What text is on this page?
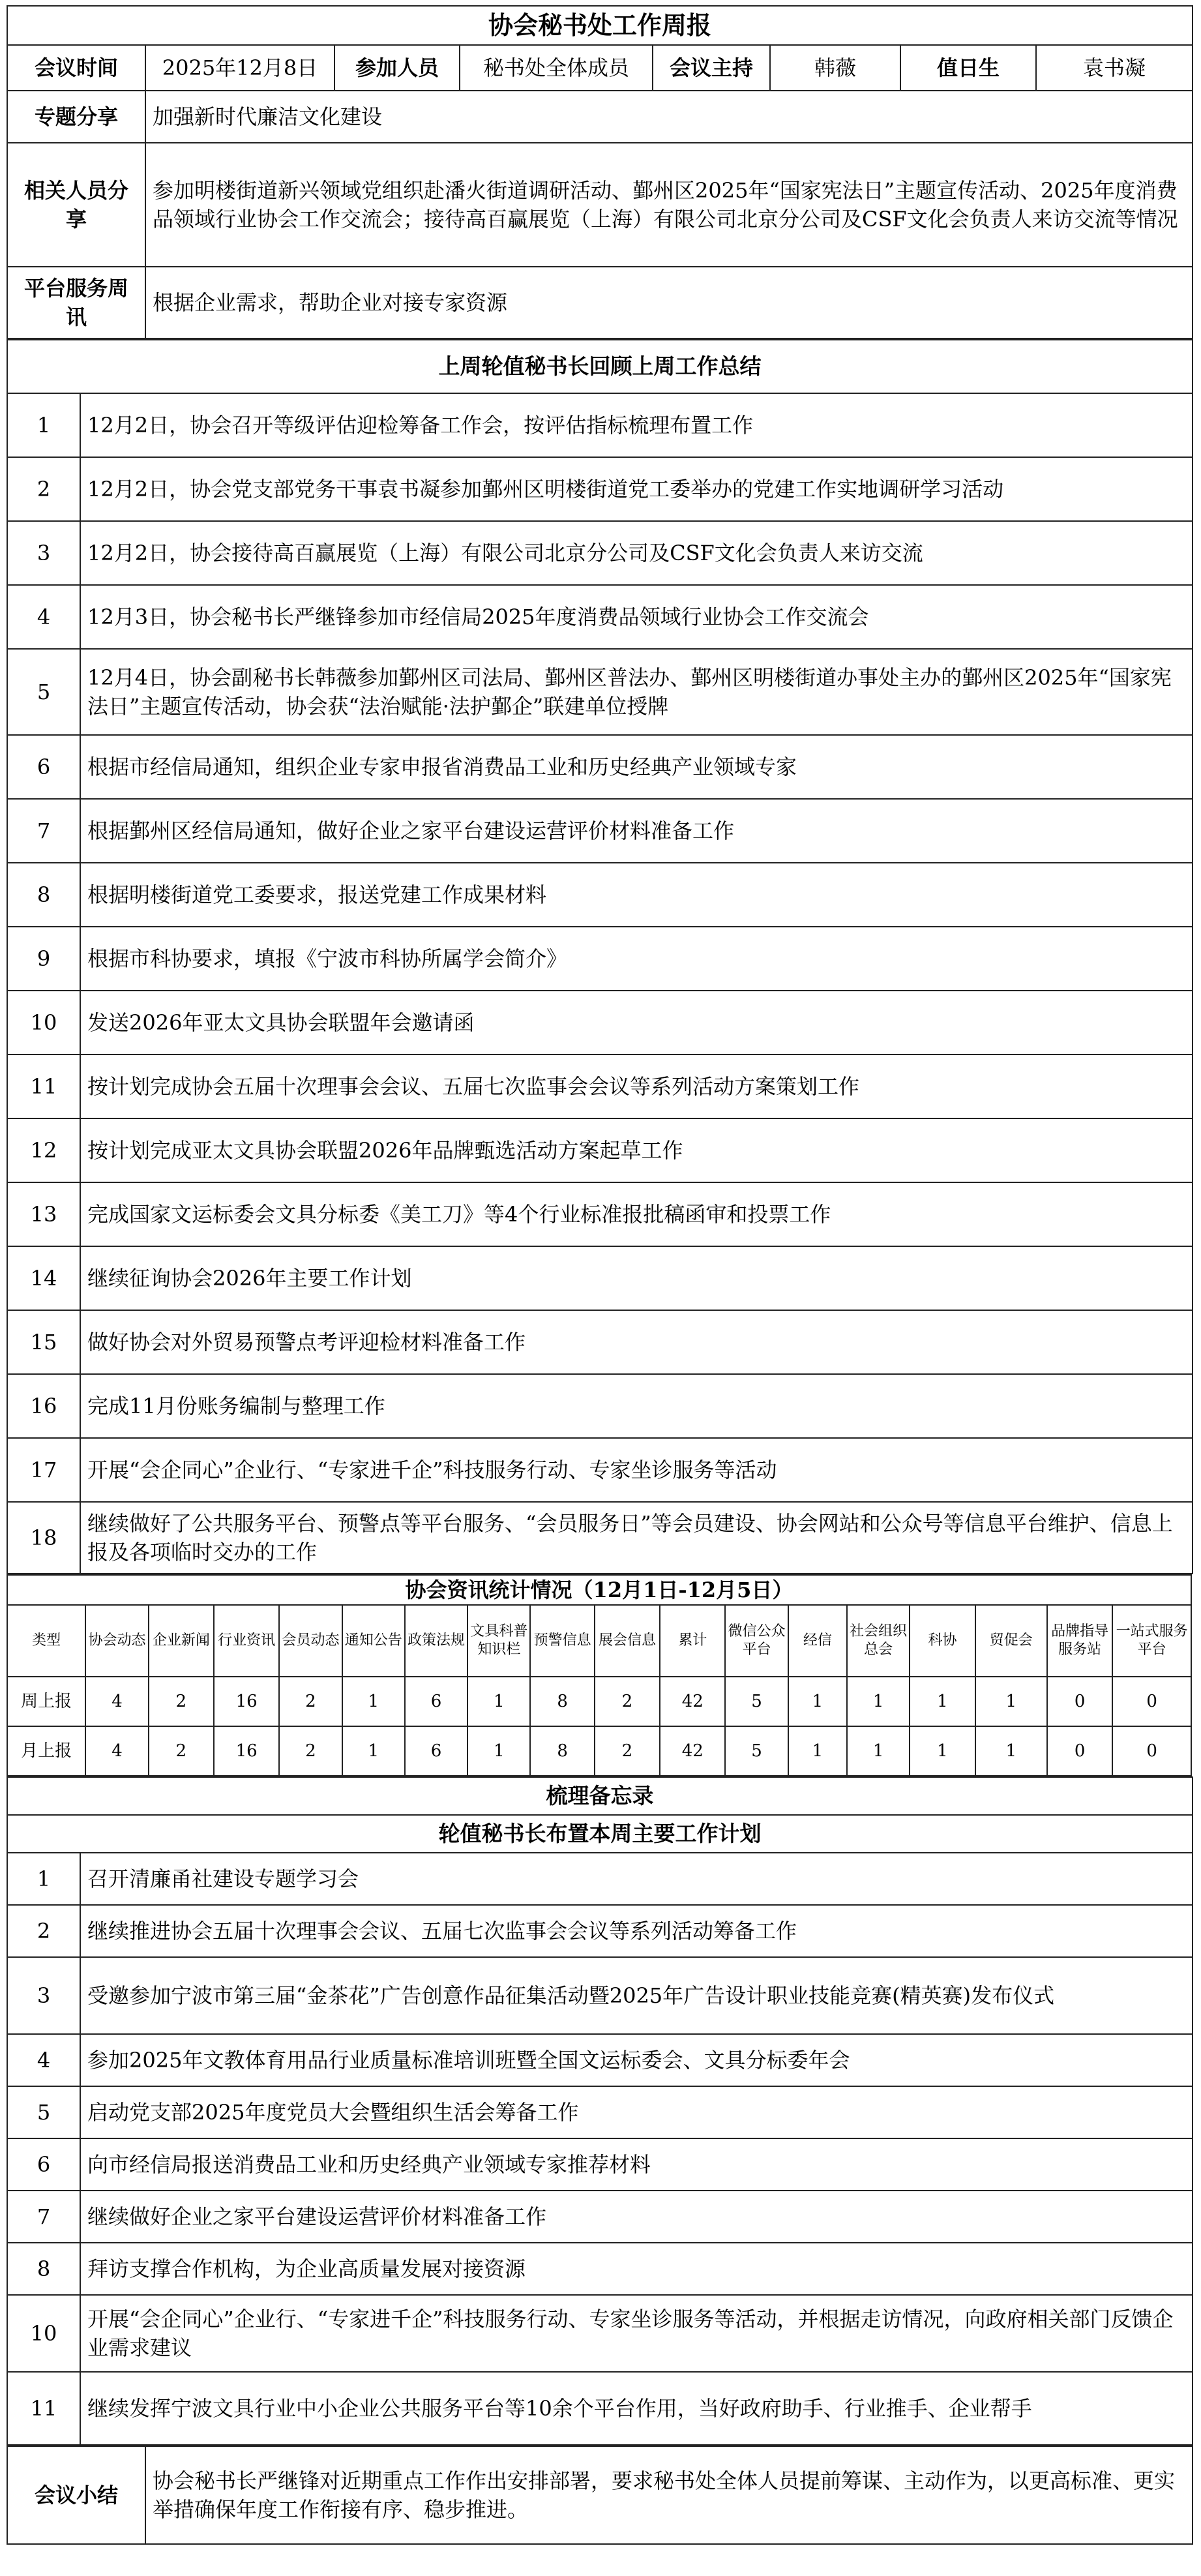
协会秘书处工作周报							
会议时间	2025年12月8日	参加人员	秘书处全体成员	会议主持	韩薇	值日生	袁书凝
专题分享	加强新时代廉洁文化建设						
相关人员分享	参加明楼街道新兴领域党组织赴潘火街道调研活动、鄞州区2025年“国家宪法日”主题宣传活动、2025年度消费品领域行业协会工作交流会；接待高百赢展览（上海）有限公司北京分公司及CSF文化会负责人来访交流等情况						
平台服务周讯	根据企业需求，帮助企业对接专家资源						
上周轮值秘书长回顾上周工作总结	
1	12月2日，协会召开等级评估迎检筹备工作会，按评估指标梳理布置工作
2	12月2日，协会党支部党务干事袁书凝参加鄞州区明楼街道党工委举办的党建工作实地调研学习活动
3	12月2日，协会接待高百赢展览（上海）有限公司北京分公司及CSF文化会负责人来访交流
4	12月3日，协会秘书长严继锋参加市经信局2025年度消费品领域行业协会工作交流会
5	12月4日，协会副秘书长韩薇参加鄞州区司法局、鄞州区普法办、鄞州区明楼街道办事处主办的鄞州区2025年“国家宪法日”主题宣传活动，协会获“法治赋能·法护鄞企”联建单位授牌
6	根据市经信局通知，组织企业专家申报省消费品工业和历史经典产业领域专家
7	根据鄞州区经信局通知，做好企业之家平台建设运营评价材料准备工作
8	根据明楼街道党工委要求，报送党建工作成果材料
9	根据市科协要求，填报《宁波市科协所属学会简介》
10	发送2026年亚太文具协会联盟年会邀请函
11	按计划完成协会五届十次理事会会议、五届七次监事会会议等系列活动方案策划工作
12	按计划完成亚太文具协会联盟2026年品牌甄选活动方案起草工作
13	完成国家文运标委会文具分标委《美工刀》等4个行业标准报批稿函审和投票工作
14	继续征询协会2026年主要工作计划
15	做好协会对外贸易预警点考评迎检材料准备工作
16	完成11月份账务编制与整理工作
17	开展“会企同心”企业行、“专家进千企”科技服务行动、专家坐诊服务等活动
18	继续做好了公共服务平台、预警点等平台服务、“会员服务日”等会员建设、协会网站和公众号等信息平台维护、信息上报及各项临时交办的工作
协会资讯统计情况（12月1日-12月5日）																	
类型	协会动态	企业新闻	行业资讯	会员动态	通知公告	政策法规	文具科普知识栏	预警信息	展会信息	累计	微信公众平台	经信	社会组织总会	科协	贸促会	品牌指导服务站	一站式服务平台
周上报	4	2	16	2	1	6	1	8	2	42	5	1	1	1	1	0	0
月上报	4	2	16	2	1	6	1	8	2	42	5	1	1	1	1	0	0
梳理备忘录	
轮值秘书长布置本周主要工作计划	
1	召开清廉甬社建设专题学习会
2	继续推进协会五届十次理事会会议、五届七次监事会会议等系列活动筹备工作
3	受邀参加宁波市第三届“金茶花”广告创意作品征集活动暨2025年广告设计职业技能竞赛(精英赛)发布仪式
4	参加2025年文教体育用品行业质量标准培训班暨全国文运标委会、文具分标委年会
5	启动党支部2025年度党员大会暨组织生活会筹备工作
6	向市经信局报送消费品工业和历史经典产业领域专家推荐材料
7	继续做好企业之家平台建设运营评价材料准备工作
8	拜访支撑合作机构，为企业高质量发展对接资源
10	开展“会企同心”企业行、“专家进千企”科技服务行动、专家坐诊服务等活动，并根据走访情况，向政府相关部门反馈企业需求建议
11	继续发挥宁波文具行业中小企业公共服务平台等10余个平台作用，当好政府助手、行业推手、企业帮手
会议小结	协会秘书长严继锋对近期重点工作作出安排部署，要求秘书处全体人员提前筹谋、主动作为，以更高标准、更实举措确保年度工作衔接有序、稳步推进。
